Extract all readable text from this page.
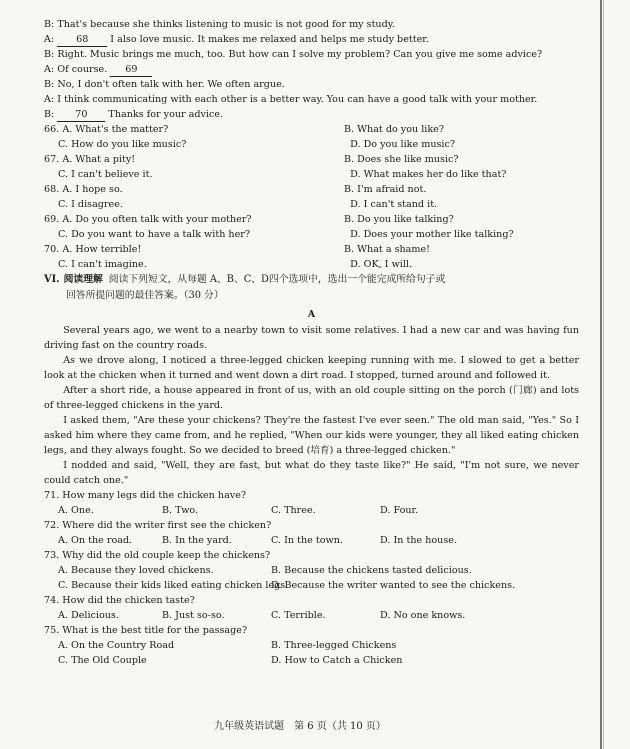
B: That's because she thinks listening to music is not good for my study.
A: 68 I also love music. It makes me relaxed and helps me study better.
B: Right. Music brings me much, too. But how can I solve my problem? Can you give me some advice?
A: Of course. 69
B: No, I don't often talk with her. We often argue.
A: I think communicating with each other is a better way. You can have a good talk with your mother.
B: 70 Thanks for your advice.
66. A. What's the matter?	B. What do you like?
C. How do you like music?	D. Do you like music?
67. A. What a pity!	B. Does she like music?
C. I can't believe it.	D. What makes her do like that?
68. A. I hope so.	B. I'm afraid not.
C. I disagree.	D. I can't stand it.
69. A. Do you often talk with your mother?	B. Do you like talking?
C. Do you want to have a talk with her?	D. Does your mother like talking?
70. A. How terrible!	B. What a shame!
C. I can't imagine.	D. OK, I will.
VI. 阅读理解 阅读下列短文，从每题 A、B、C、D四个选项中，选出一个能完成所给句子或
回答所提问题的最佳答案。（30 分）
A

Several years ago, we went to a nearby town to visit some relatives. I had a new car and was having fun driving fast on the country roads.

As we drove along, I noticed a three-legged chicken keeping running with me. I slowed to get a better look at the chicken when it turned and went down a dirt road. I stopped, turned around and followed it.

After a short ride, a house appeared in front of us, with an old couple sitting on the porch (门廊) and lots of three-legged chickens in the yard.

I asked them, "Are these your chickens? They're the fastest I've ever seen." The old man said, "Yes." So I asked him where they came from, and he replied, "When our kids were younger, they all liked eating chicken legs, and they always fought. So we decided to breed (培育) a three-legged chicken."

I nodded and said, "Well, they are fast, but what do they taste like?" He said, "I'm not sure, we never could catch one."

71. How many legs did the chicken have?
A. One.	B. Two.	C. Three.	D. Four.
72. Where did the writer first see the chicken?
A. On the road.	B. In the yard.	C. In the town.	D. In the house.
73. Why did the old couple keep the chickens?
A. Because they loved chickens.	B. Because the chickens tasted delicious.
C. Because their kids liked eating chicken legs.
D. Because the writer wanted to see the chickens.
74. How did the chicken taste?
A. Delicious.	B. Just so-so.	C. Terrible.	D. No one knows.
75. What is the best title for the passage?
A. On the Country Road	B. Three-legged Chickens
C. The Old Couple	D. How to Catch a Chicken
九年级英语试题　第 6 页（共 10 页）
